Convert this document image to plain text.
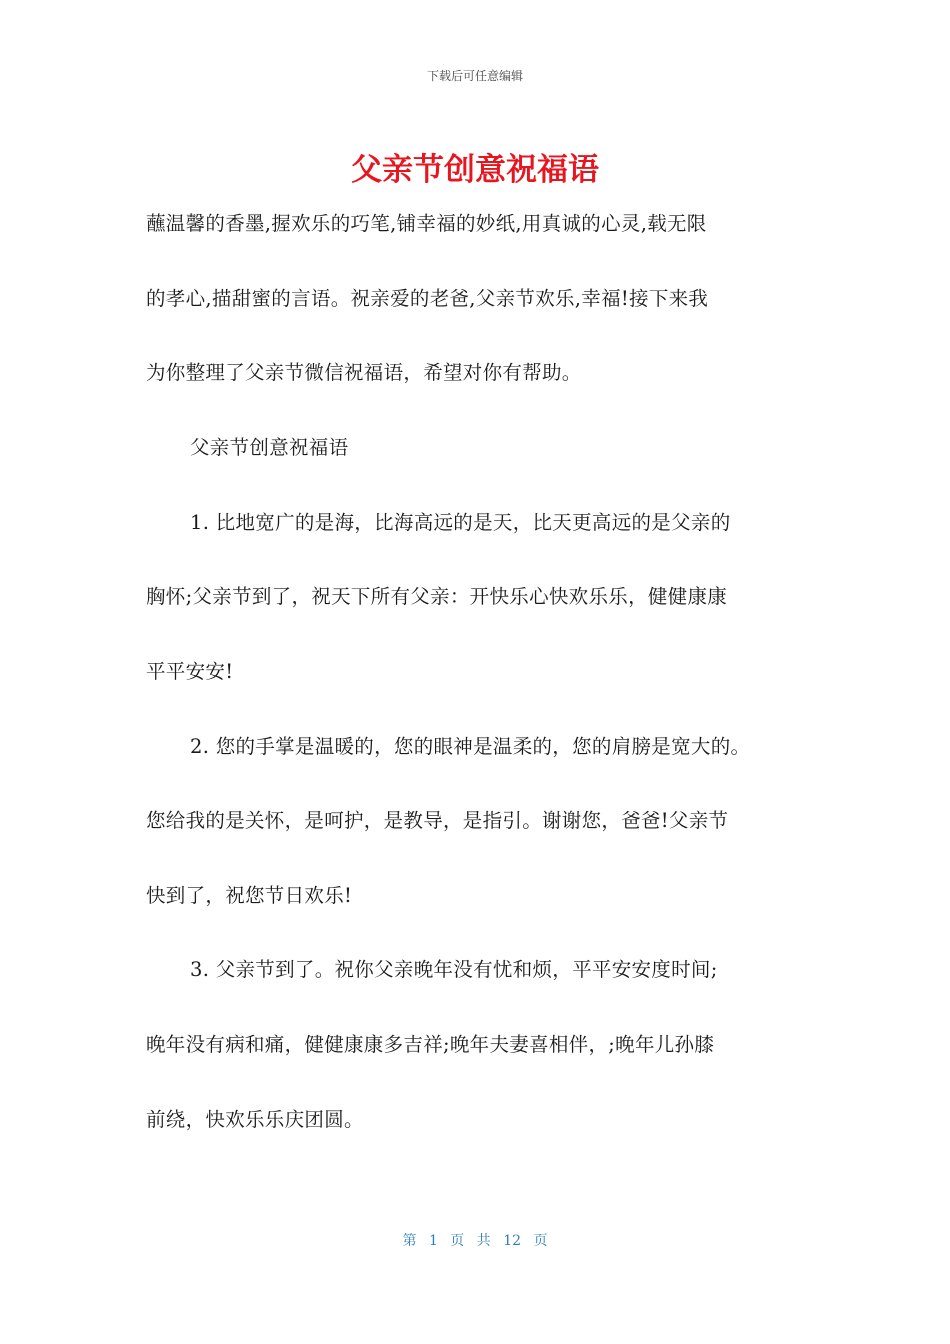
下载后可任意编辑
父亲节创意祝福语
蘸温馨的香墨,握欢乐的巧笔,铺幸福的妙纸,用真诚的心灵,载无限
的孝心,描甜蜜的言语。祝亲爱的老爸,父亲节欢乐,幸福!接下来我
为你整理了父亲节微信祝福语，希望对你有帮助。
父亲节创意祝福语
1. 比地宽广的是海，比海高远的是天，比天更高远的是父亲的
胸怀;父亲节到了，祝天下所有父亲：开快乐心快欢乐乐，健健康康
平平安安!
2. 您的手掌是温暖的，您的眼神是温柔的，您的肩膀是宽大的。
您给我的是关怀，是呵护，是教导，是指引。谢谢您，爸爸!父亲节
快到了，祝您节日欢乐!
3. 父亲节到了。祝你父亲晚年没有忧和烦，平平安安度时间;
晚年没有病和痛，健健康康多吉祥;晚年夫妻喜相伴，;晚年儿孙膝
前绕，快欢乐乐庆团圆。
第 1 页 共 12 页
